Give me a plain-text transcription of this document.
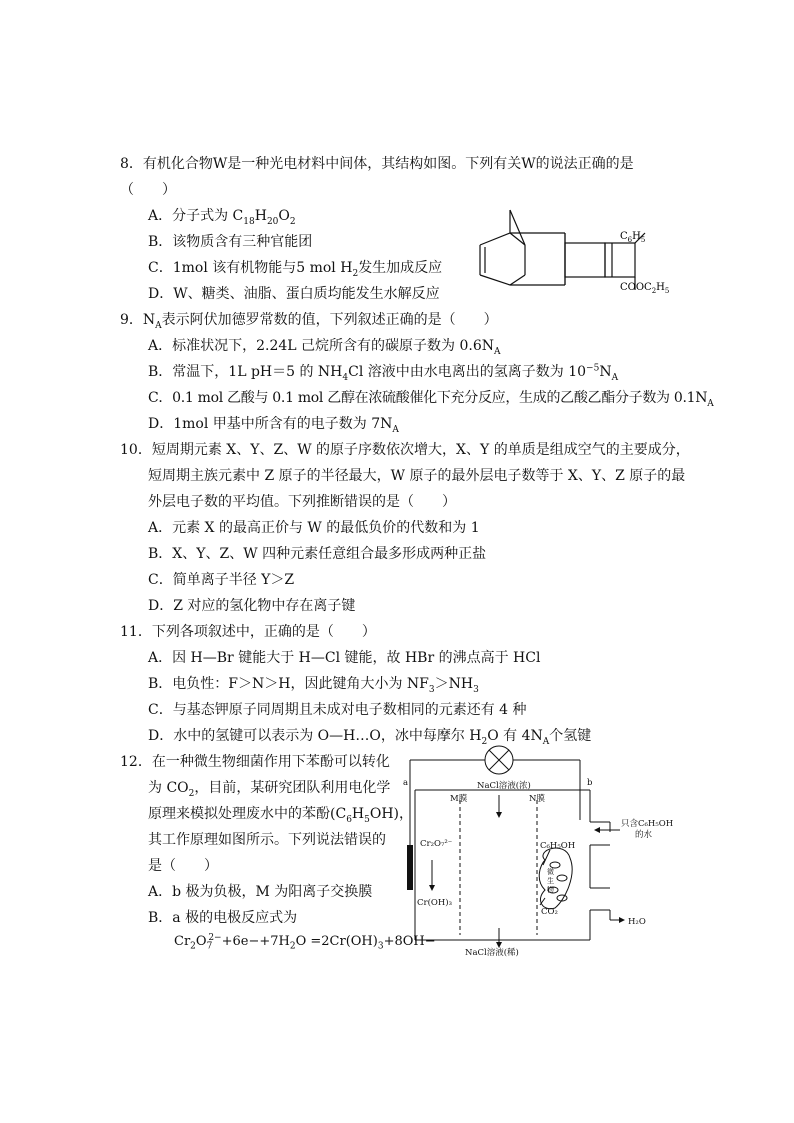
8．有机化合物W是一种光电材料中间体，其结构如图。下列有关W的说法正确的是
（　　）
A．分子式为 $C_{18}H_{20}O_2$
B．该物质含有三种官能团
C．1mol 该有机物能与5 mol $H_2$发生加成反应
D．W、糖类、油脂、蛋白质均能发生水解反应
$C_6H_5$
$COOC_2H_5$
9．$N_A$表示阿伏加德罗常数的值，下列叙述正确的是（　　）
A．标准状况下，2.24L 己烷所含有的碳原子数为 $0.6N_A$
B．常温下，1L pH＝5 的 $NH_4Cl$ 溶液中由水电离出的氢离子数为 $10^{-5}N_A$
C．0.1 mol 乙酸与 0.1 mol 乙醇在浓硫酸催化下充分反应，生成的乙酸乙酯分子数为 $0.1N_A$
D．1mol 甲基中所含有的电子数为 $7N_A$
10．短周期元素 X、Y、Z、W 的原子序数依次增大，X、Y 的单质是组成空气的主要成分，
短周期主族元素中 Z 原子的半径最大，W 原子的最外层电子数等于 X、Y、Z 原子的最
外层电子数的平均值。下列推断错误的是（　　）
A．元素 X 的最高正价与 W 的最低负价的代数和为 1
B．X、Y、Z、W 四种元素任意组合最多形成两种正盐
C．简单离子半径 Y＞Z
D．Z 对应的氢化物中存在离子键
11．下列各项叙述中，正确的是（　　）
A．因 H—Br 键能大于 H—Cl 键能，故 HBr 的沸点高于 HCl
B．电负性：F＞N＞H，因此键角大小为 $NF_3>NH_3$
C．与基态钾原子同周期且未成对电子数相同的元素还有 4 种
D．水中的氢键可以表示为 O—H…O，冰中每摩尔 $H_2O$ 有 $4N_A$个氢键
12．在一种微生物细菌作用下苯酚可以转化
为 $CO_2$，目前，某研究团队利用电化学
原理来模拟处理废水中的苯酚$(C_6H_5OH)$，
其工作原理如图所示。下列说法错误的
是（　　）
A．b 极为负极，M 为阳离子交换膜
B．a 极的电极反应式为
$Cr_2O_7^{2-}+6e-+7H_2O =2Cr(OH)_3+8OH-$
a	b
NaCl溶液(浓)
M膜	N膜
Cr₂O₇²⁻
Cr(OH)₃
C₆H₅OH
CO₂
只含C₆H₅OH
的水
H₂O
NaCl溶液(稀)
微
生
物
